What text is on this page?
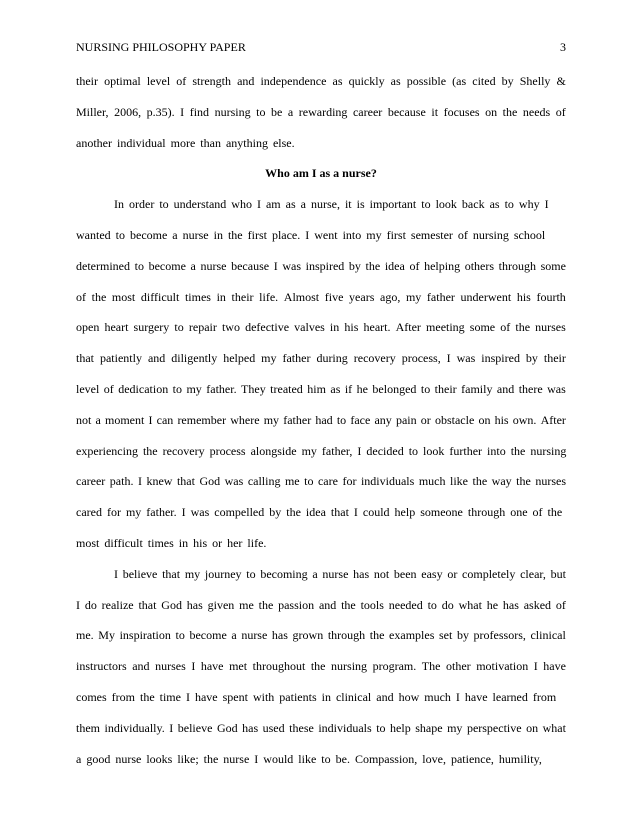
NURSING PHILOSOPHY PAPER	3
their optimal level of strength and independence as quickly as possible (as cited by Shelly &
Miller, 2006, p.35). I find nursing to be a rewarding career because it focuses on the needs of
another individual more than anything else.
Who am I as a nurse?
In order to understand who I am as a nurse, it is important to look back as to why I
wanted to become a nurse in the first place. I went into my first semester of nursing school
determined to become a nurse because I was inspired by the idea of helping others through some
of the most difficult times in their life. Almost five years ago, my father underwent his fourth
open heart surgery to repair two defective valves in his heart. After meeting some of the nurses
that patiently and diligently helped my father during recovery process, I was inspired by their
level of dedication to my father. They treated him as if he belonged to their family and there was
not a moment I can remember where my father had to face any pain or obstacle on his own. After
experiencing the recovery process alongside my father, I decided to look further into the nursing
career path. I knew that God was calling me to care for individuals much like the way the nurses
cared for my father. I was compelled by the idea that I could help someone through one of the
most difficult times in his or her life.
I believe that my journey to becoming a nurse has not been easy or completely clear, but
I do realize that God has given me the passion and the tools needed to do what he has asked of
me. My inspiration to become a nurse has grown through the examples set by professors, clinical
instructors and nurses I have met throughout the nursing program. The other motivation I have
comes from the time I have spent with patients in clinical and how much I have learned from
them individually. I believe God has used these individuals to help shape my perspective on what
a good nurse looks like; the nurse I would like to be. Compassion, love, patience, humility,
